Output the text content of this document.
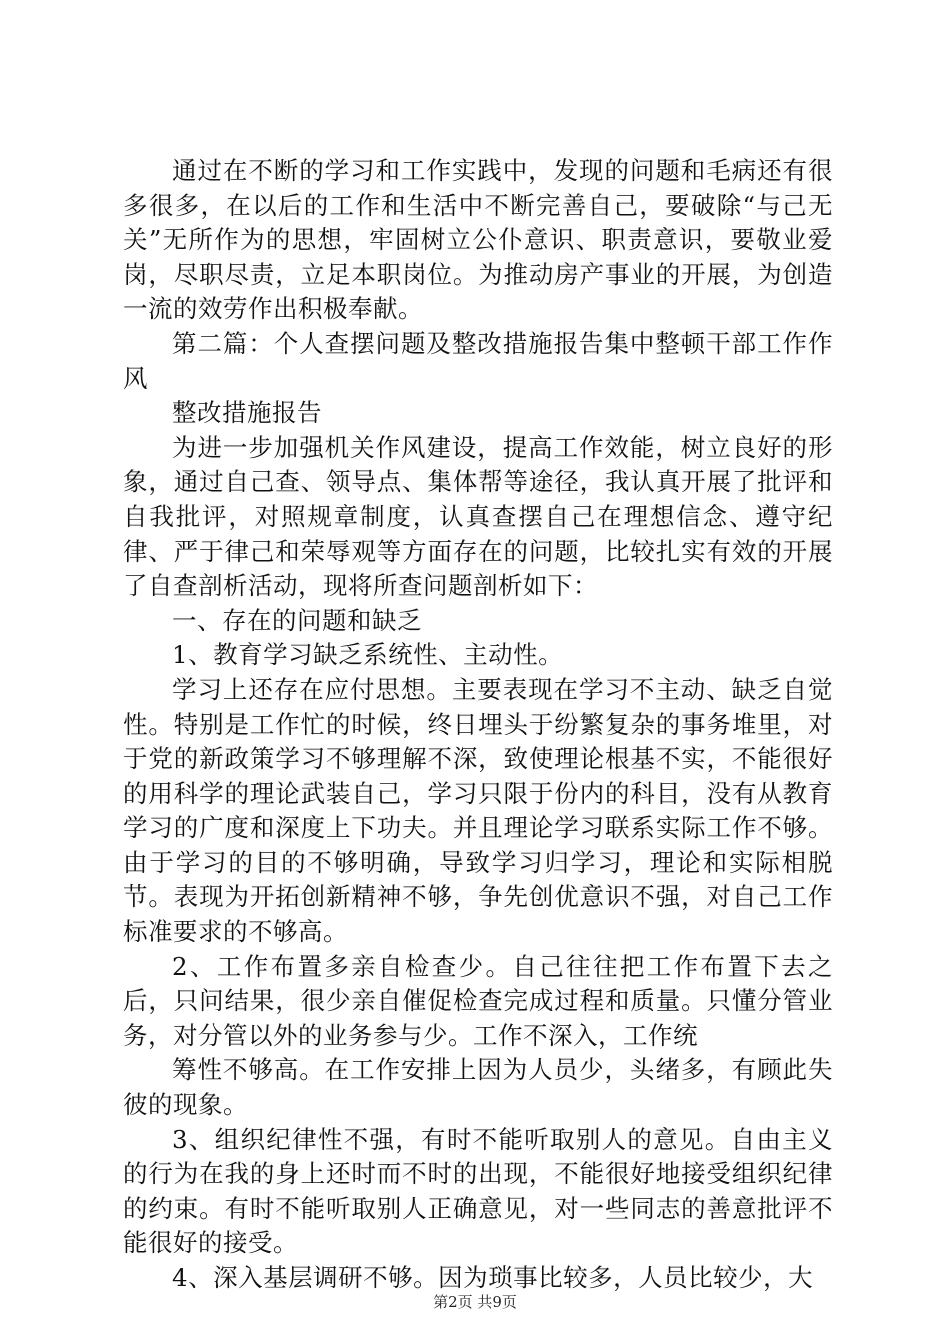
通过在不断的学习和工作实践中，发现的问题和毛病还有很多很多，在以后的工作和生活中不断完善自己，要破除“与己无关”无所作为的思想，牢固树立公仆意识、职责意识，要敬业爱岗，尽职尽责，立足本职岗位。为推动房产事业的开展，为创造一流的效劳作出积极奉献。

第二篇：个人查摆问题及整改措施报告集中整顿干部工作作风

整改措施报告

为进一步加强机关作风建设，提高工作效能，树立良好的形象，通过自己查、领导点、集体帮等途径，我认真开展了批评和自我批评，对照规章制度，认真查摆自己在理想信念、遵守纪律、严于律己和荣辱观等方面存在的问题，比较扎实有效的开展了自查剖析活动，现将所查问题剖析如下：

一、存在的问题和缺乏

1、教育学习缺乏系统性、主动性。

学习上还存在应付思想。主要表现在学习不主动、缺乏自觉性。特别是工作忙的时候，终日埋头于纷繁复杂的事务堆里，对于党的新政策学习不够理解不深，致使理论根基不实，不能很好的用科学的理论武装自己，学习只限于份内的科目，没有从教育学习的广度和深度上下功夫。并且理论学习联系实际工作不够。由于学习的目的不够明确，导致学习归学习，理论和实际相脱节。表现为开拓创新精神不够，争先创优意识不强，对自己工作标准要求的不够高。

2、工作布置多亲自检查少。自己往往把工作布置下去之后，只问结果，很少亲自催促检查完成过程和质量。只懂分管业务，对分管以外的业务参与少。工作不深入，工作统

筹性不够高。在工作安排上因为人员少，头绪多，有顾此失彼的现象。

3、组织纪律性不强，有时不能听取别人的意见。自由主义的行为在我的身上还时而不时的出现，不能很好地接受组织纪律的约束。有时不能听取别人正确意见，对一些同志的善意批评不能很好的接受。

4、深入基层调研不够。因为琐事比较多，人员比较少，大

第2页 共9页
